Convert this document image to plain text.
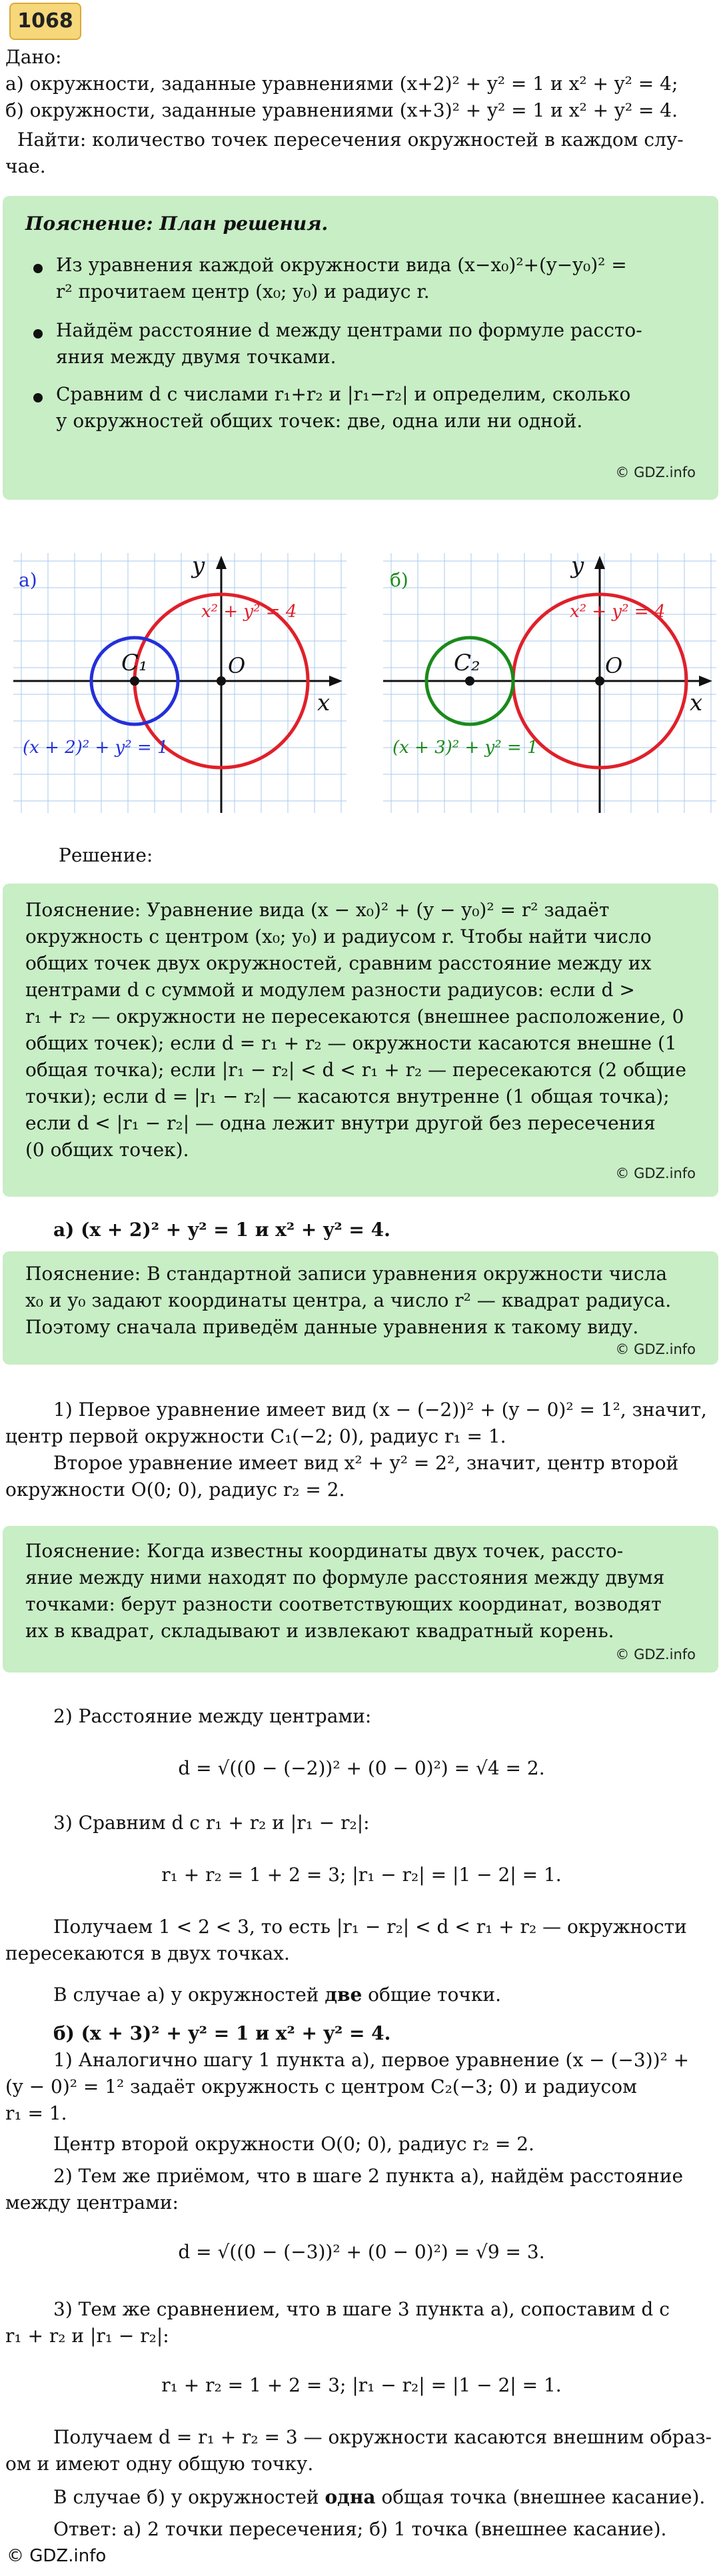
1068
Дано:
а) окружности, заданные уравнениями (x+2)² + y² = 1 и x² + y² = 4;
б) окружности, заданные уравнениями (x+3)² + y² = 1 и x² + y² = 4.
Найти: количество точек пересечения окружностей в каждом слу-
чае.
Пояснение: План решения.
Из уравнения каждой окружности вида (x−x₀)²+(y−y₀)² =
r² прочитаем центр (x₀; y₀) и радиус r.
Найдём расстояние d между центрами по формуле рассто-
яния между двумя точками.
Сравним d с числами r₁+r₂ и |r₁−r₂| и определим, сколько
у окружностей общих точек: две, одна или ни одной.
© GDZ.info
а)
x
y
C₁	O
x² + y² = 4
(x + 2)² + y² = 1
б)
x
y
C₂	O
x² + y² = 4
(x + 3)² + y² = 1
Решение:
Пояснение: Уравнение вида (x − x₀)² + (y − y₀)² = r² задаёт
окружность с центром (x₀; y₀) и радиусом r. Чтобы найти число
общих точек двух окружностей, сравним расстояние между их
центрами d с суммой и модулем разности радиусов: если d >
r₁ + r₂ — окружности не пересекаются (внешнее расположение, 0
общих точек); если d = r₁ + r₂ — окружности касаются внешне (1
общая точка); если |r₁ − r₂| < d < r₁ + r₂ — пересекаются (2 общие
точки); если d = |r₁ − r₂| — касаются внутренне (1 общая точка);
если d < |r₁ − r₂| — одна лежит внутри другой без пересечения
(0 общих точек).
© GDZ.info
а) (x + 2)² + y² = 1 и x² + y² = 4.
Пояснение: В стандартной записи уравнения окружности числа
x₀ и y₀ задают координаты центра, а число r² — квадрат радиуса.
Поэтому сначала приведём данные уравнения к такому виду.
© GDZ.info
1) Первое уравнение имеет вид (x − (−2))² + (y − 0)² = 1², значит,
центр первой окружности C₁(−2; 0), радиус r₁ = 1.
Второе уравнение имеет вид x² + y² = 2², значит, центр второй
окружности O(0; 0), радиус r₂ = 2.
Пояснение: Когда известны координаты двух точек, рассто-
яние между ними находят по формуле расстояния между двумя
точками: берут разности соответствующих координат, возводят
их в квадрат, складывают и извлекают квадратный корень.
© GDZ.info
2) Расстояние между центрами:
d = √((0 − (−2))² + (0 − 0)²) = √4 = 2.
3) Сравним d с r₁ + r₂ и |r₁ − r₂|:
r₁ + r₂ = 1 + 2 = 3; |r₁ − r₂| = |1 − 2| = 1.
Получаем 1 < 2 < 3, то есть |r₁ − r₂| < d < r₁ + r₂ — окружности
пересекаются в двух точках.
В случае а) у окружностей две общие точки.
б) (x + 3)² + y² = 1 и x² + y² = 4.
1) Аналогично шагу 1 пункта а), первое уравнение (x − (−3))² +
(y − 0)² = 1² задаёт окружность с центром C₂(−3; 0) и радиусом
r₁ = 1.
Центр второй окружности O(0; 0), радиус r₂ = 2.
2) Тем же приёмом, что в шаге 2 пункта а), найдём расстояние
между центрами:
d = √((0 − (−3))² + (0 − 0)²) = √9 = 3.
3) Тем же сравнением, что в шаге 3 пункта а), сопоставим d с
r₁ + r₂ и |r₁ − r₂|:
r₁ + r₂ = 1 + 2 = 3; |r₁ − r₂| = |1 − 2| = 1.
Получаем d = r₁ + r₂ = 3 — окружности касаются внешним образ-
ом и имеют одну общую точку.
В случае б) у окружностей одна общая точка (внешнее касание).
Ответ: а) 2 точки пересечения; б) 1 точка (внешнее касание).
© GDZ.info
